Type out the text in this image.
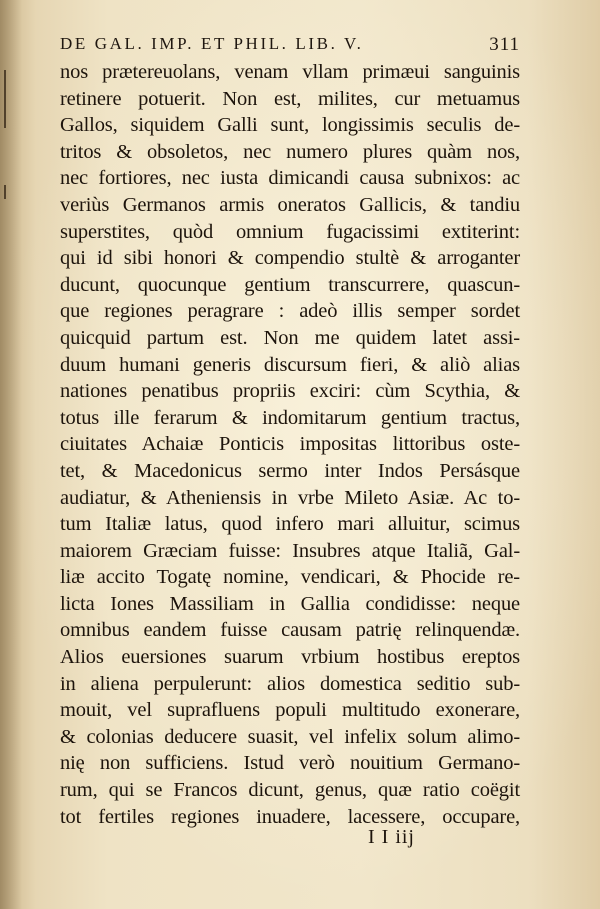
DE GAL. IMP. ET PHIL. LIB. V.	311
nos prætereuolans, venam vllam primæui sanguinis
retinere potuerit. Non est, milites, cur metuamus
Gallos, siquidem Galli sunt, longissimis seculis de-
tritos & obsoletos, nec numero plures quàm nos,
nec fortiores, nec iusta dimicandi causa subnixos: ac
veriùs Germanos armis oneratos Gallicis, & tandiu
superstites, quòd omnium fugacissimi extiterint:
qui id sibi honori & compendio stultè & arroganter
ducunt, quocunque gentium transcurrere, quascun-
que regiones peragrare : adeò illis semper sordet
quicquid partum est. Non me quidem latet assi-
duum humani generis discursum fieri, & aliò alias
nationes penatibus propriis exciri: cùm Scythia, &
totus ille ferarum & indomitarum gentium tractus,
ciuitates Achaiæ Ponticis impositas littoribus oste-
tet, & Macedonicus sermo inter Indos Persásque
audiatur, & Atheniensis in vrbe Mileto Asiæ. Ac to-
tum Italiæ latus, quod infero mari alluitur, scimus
maiorem Græciam fuisse: Insubres atque Italiã, Gal-
liæ accito Togatę nomine, vendicari, & Phocide re-
licta Iones Massiliam in Gallia condidisse: neque
omnibus eandem fuisse causam patrię relinquendæ.
Alios euersiones suarum vrbium hostibus ereptos
in aliena perpulerunt: alios domestica seditio sub-
mouit, vel suprafluens populi multitudo exonerare,
& colonias deducere suasit, vel infelix solum alimo-
nię non sufficiens. Istud verò nouitium Germano-
rum, qui se Francos dicunt, genus, quæ ratio coëgit
tot fertiles regiones inuadere, lacessere, occupare,
I I iij
